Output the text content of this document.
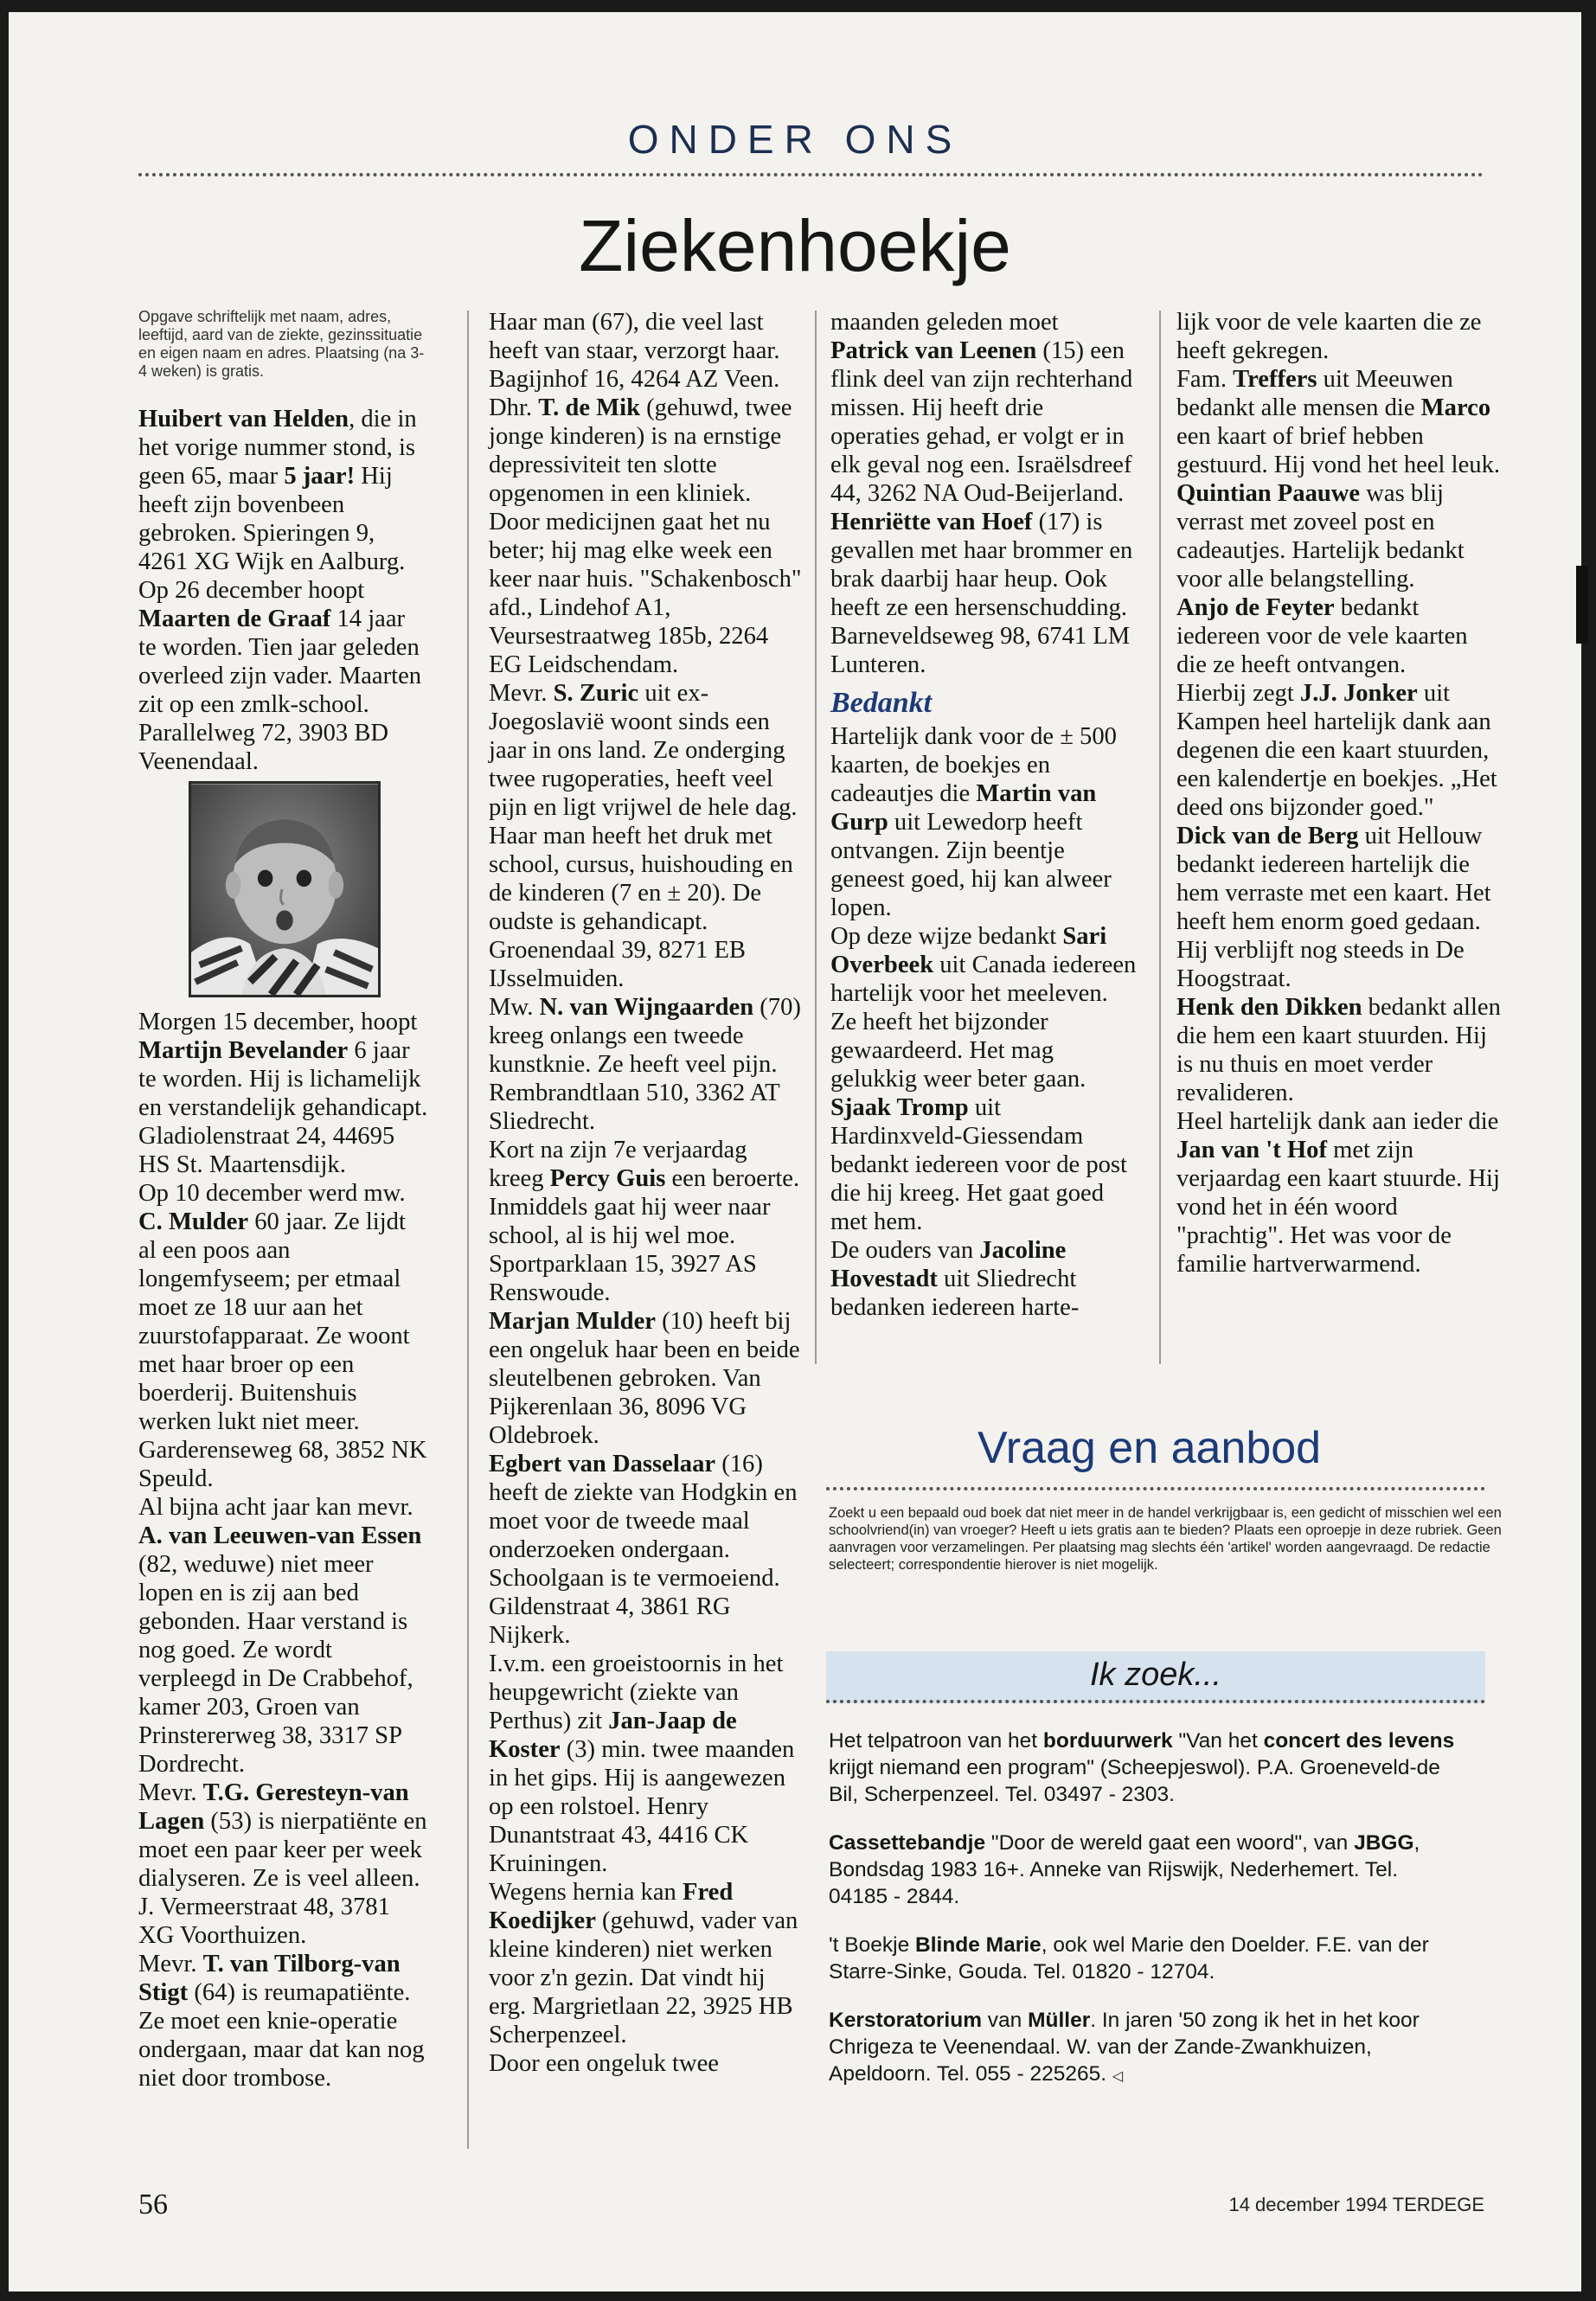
ONDER ONS
Ziekenhoekje

Opgave schriftelijk met naam, adres, leeftijd, aard van de ziekte, gezinssituatie en eigen naam en adres. Plaatsing (na 3-4 weken) is gratis.

Huibert van Helden, die in het vorige nummer stond, is geen 65, maar 5 jaar! Hij heeft zijn bovenbeen gebroken. Spieringen 9, 4261 XG Wijk en Aalburg.

Op 26 december hoopt Maarten de Graaf 14 jaar te worden. Tien jaar geleden overleed zijn vader. Maarten zit op een zmlk-school. Parallelweg 72, 3903 BD Veenendaal.

Morgen 15 december, hoopt Martijn Bevelander 6 jaar te worden. Hij is lichamelijk en verstandelijk gehandicapt. Gladiolenstraat 24, 44695 HS St. Maartensdijk.

Op 10 december werd mw. C. Mulder 60 jaar. Ze lijdt al een poos aan longemfyseem; per etmaal moet ze 18 uur aan het zuurstofapparaat. Ze woont met haar broer op een boerderij. Buitenshuis werken lukt niet meer. Garderenseweg 68, 3852 NK Speuld.

Al bijna acht jaar kan mevr. A. van Leeuwen-van Essen (82, weduwe) niet meer lopen en is zij aan bed gebonden. Haar verstand is nog goed. Ze wordt verpleegd in De Crabbehof, kamer 203, Groen van Prinstererweg 38, 3317 SP Dordrecht.

Mevr. T.G. Geresteyn-van Lagen (53) is nierpatiënte en moet een paar keer per week dialyseren. Ze is veel alleen. J. Vermeerstraat 48, 3781 XG Voorthuizen.

Mevr. T. van Tilborg-van Stigt (64) is reumapatiënte. Ze moet een knie-operatie ondergaan, maar dat kan nog niet door trombose.

Haar man (67), die veel last heeft van staar, verzorgt haar. Bagijnhof 16, 4264 AZ Veen.

Dhr. T. de Mik (gehuwd, twee jonge kinderen) is na ernstige depressiviteit ten slotte opgenomen in een kliniek. Door medicijnen gaat het nu beter; hij mag elke week een keer naar huis. "Schakenbosch" afd., Lindehof A1, Veursestraatweg 185b, 2264 EG Leidschendam.

Mevr. S. Zuric uit ex-Joegoslavië woont sinds een jaar in ons land. Ze onderging twee rugoperaties, heeft veel pijn en ligt vrijwel de hele dag. Haar man heeft het druk met school, cursus, huishouding en de kinderen (7 en ± 20). De oudste is gehandicapt. Groenendaal 39, 8271 EB IJsselmuiden.

Mw. N. van Wijngaarden (70) kreeg onlangs een tweede kunstknie. Ze heeft veel pijn. Rembrandtlaan 510, 3362 AT Sliedrecht.

Kort na zijn 7e verjaardag kreeg Percy Guis een beroerte. Inmiddels gaat hij weer naar school, al is hij wel moe. Sportparklaan 15, 3927 AS Renswoude.

Marjan Mulder (10) heeft bij een ongeluk haar been en beide sleutelbenen gebroken. Van Pijkerenlaan 36, 8096 VG Oldebroek.

Egbert van Dasselaar (16) heeft de ziekte van Hodgkin en moet voor de tweede maal onderzoeken ondergaan. Schoolgaan is te vermoeiend. Gildenstraat 4, 3861 RG Nijkerk.

I.v.m. een groeistoornis in het heupgewricht (ziekte van Perthus) zit Jan-Jaap de Koster (3) min. twee maanden in het gips. Hij is aangewezen op een rolstoel. Henry Dunantstraat 43, 4416 CK Kruiningen.

Wegens hernia kan Fred Koedijker (gehuwd, vader van kleine kinderen) niet werken voor z'n gezin. Dat vindt hij erg. Margrietlaan 22, 3925 HB Scherpenzeel.

Door een ongeluk twee

maanden geleden moet Patrick van Leenen (15) een flink deel van zijn rechterhand missen. Hij heeft drie operaties gehad, er volgt er in elk geval nog een. Israëlsdreef 44, 3262 NA Oud-Beijerland.

Henriëtte van Hoef (17) is gevallen met haar brommer en brak daarbij haar heup. Ook heeft ze een hersenschudding. Barneveldseweg 98, 6741 LM Lunteren.

Bedankt

Hartelijk dank voor de ± 500 kaarten, de boekjes en cadeautjes die Martin van Gurp uit Lewedorp heeft ontvangen. Zijn beentje geneest goed, hij kan alweer lopen.

Op deze wijze bedankt Sari Overbeek uit Canada iedereen hartelijk voor het meeleven. Ze heeft het bijzonder gewaardeerd. Het mag gelukkig weer beter gaan.

Sjaak Tromp uit Hardinxveld-Giessendam bedankt iedereen voor de post die hij kreeg. Het gaat goed met hem.

De ouders van Jacoline Hovestadt uit Sliedrecht bedanken iedereen harte-

lijk voor de vele kaarten die ze heeft gekregen.

Fam. Treffers uit Meeuwen bedankt alle mensen die Marco een kaart of brief hebben gestuurd. Hij vond het heel leuk.

Quintian Paauwe was blij verrast met zoveel post en cadeautjes. Hartelijk bedankt voor alle belangstelling.

Anjo de Feyter bedankt iedereen voor de vele kaarten die ze heeft ontvangen.

Hierbij zegt J.J. Jonker uit Kampen heel hartelijk dank aan degenen die een kaart stuurden, een kalendertje en boekjes. „Het deed ons bijzonder goed."

Dick van de Berg uit Hellouw bedankt iedereen hartelijk die hem verraste met een kaart. Het heeft hem enorm goed gedaan. Hij verblijft nog steeds in De Hoogstraat.

Henk den Dikken bedankt allen die hem een kaart stuurden. Hij is nu thuis en moet verder revalideren.

Heel hartelijk dank aan ieder die Jan van 't Hof met zijn verjaardag een kaart stuurde. Hij vond het in één woord "prachtig". Het was voor de familie hartverwarmend.

Vraag en aanbod

Zoekt u een bepaald oud boek dat niet meer in de handel verkrijgbaar is, een gedicht of misschien wel een schoolvriend(in) van vroeger? Heeft u iets gratis aan te bieden? Plaats een oproepje in deze rubriek. Geen aanvragen voor verzamelingen. Per plaatsing mag slechts één 'artikel' worden aangevraagd. De redactie selecteert; correspondentie hierover is niet mogelijk.

Ik zoek...

Het telpatroon van het borduurwerk "Van het concert des levens krijgt niemand een program" (Scheepjeswol). P.A. Groeneveld-de Bil, Scherpenzeel. Tel. 03497 - 2303.

Cassettebandje "Door de wereld gaat een woord", van JBGG, Bondsdag 1983 16+. Anneke van Rijswijk, Nederhemert. Tel. 04185 - 2844.

't Boekje Blinde Marie, ook wel Marie den Doelder. F.E. van der Starre-Sinke, Gouda. Tel. 01820 - 12704.

Kerstoratorium van Müller. In jaren '50 zong ik het in het koor Chrigeza te Veenendaal. W. van der Zande-Zwankhuizen, Apeldoorn. Tel. 055 - 225265. ◁

56	14 december 1994 TERDEGE
